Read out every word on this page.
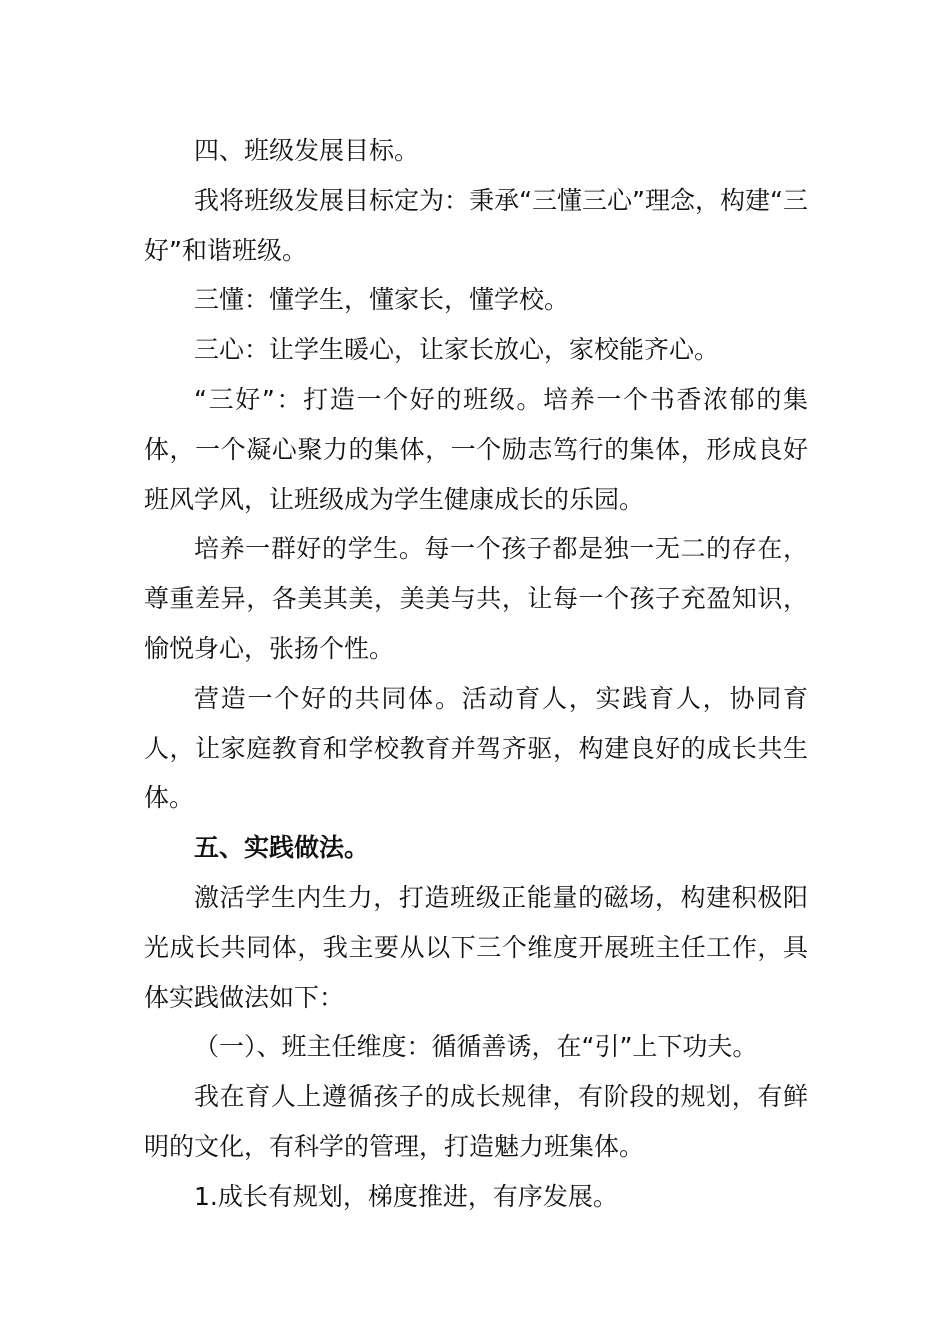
四、班级发展目标。

我将班级发展目标定为：秉承“三懂三心”理念，构建“三好”和谐班级。

三懂：懂学生，懂家长，懂学校。

三心：让学生暖心，让家长放心，家校能齐心。

“三好”：打造一个好的班级。培养一个书香浓郁的集体，一个凝心聚力的集体，一个励志笃行的集体，形成良好班风学风，让班级成为学生健康成长的乐园。

培养一群好的学生。每一个孩子都是独一无二的存在，尊重差异，各美其美，美美与共，让每一个孩子充盈知识，愉悦身心，张扬个性。

营造一个好的共同体。活动育人，实践育人，协同育人，让家庭教育和学校教育并驾齐驱，构建良好的成长共生体。

五、实践做法。

激活学生内生力，打造班级正能量的磁场，构建积极阳光成长共同体，我主要从以下三个维度开展班主任工作，具体实践做法如下：

（一）、班主任维度：循循善诱，在“引”上下功夫。

我在育人上遵循孩子的成长规律，有阶段的规划，有鲜明的文化，有科学的管理，打造魅力班集体。

1.成长有规划，梯度推进，有序发展。
